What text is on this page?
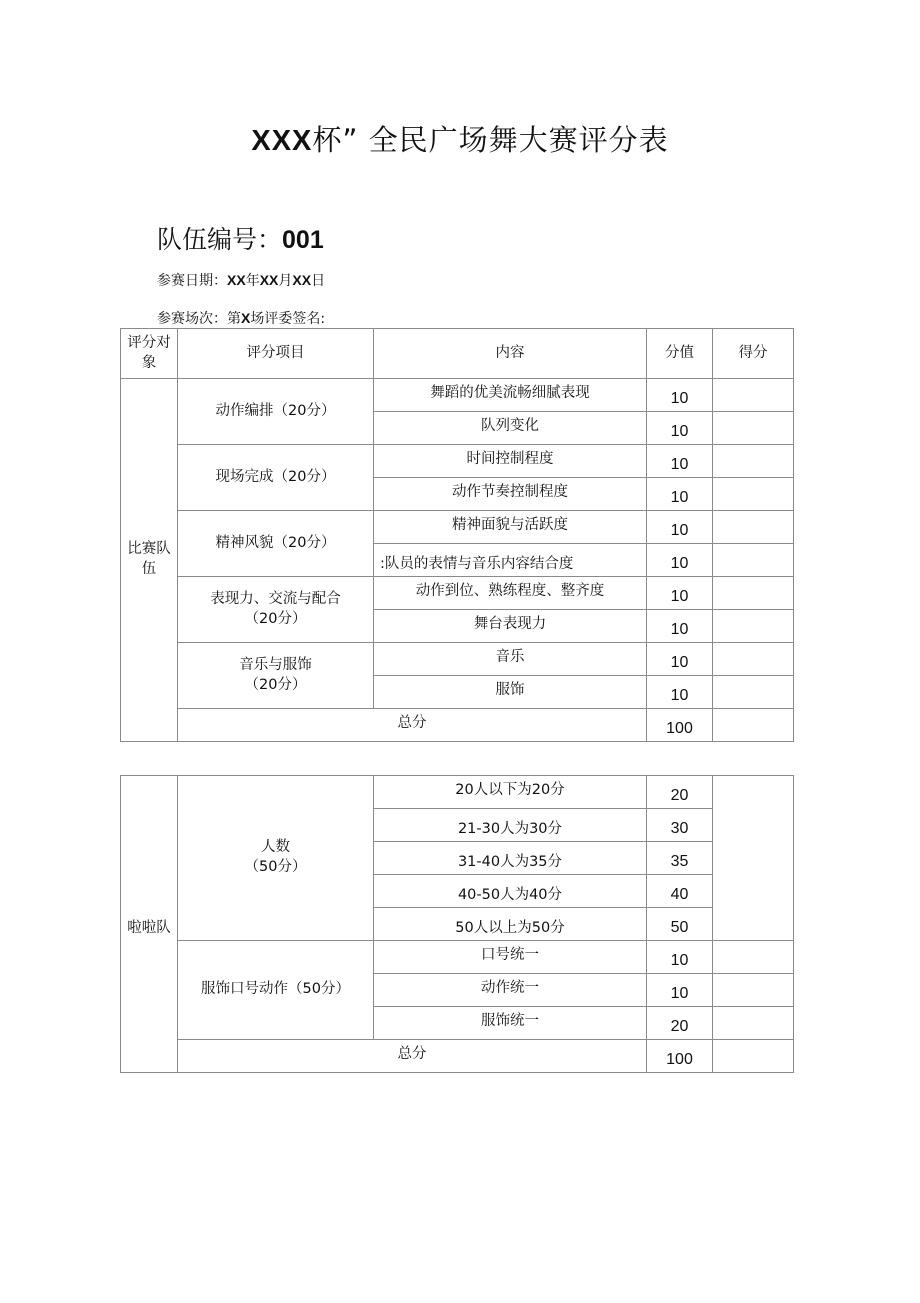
XXX杯” 全民广场舞大赛评分表
队伍编号：001
参赛日期：XX年XX月XX日
参赛场次：第X场评委签名:
评分对
象	评分项目	内容	分值	得分
比赛队
伍	动作编排（20分）	舞蹈的优美流畅细腻表现	10	
		队列变化	10	
	现场完成（20分）	时间控制程度	10	
		动作节奏控制程度	10	
	精神风貌（20分）	精神面貌与活跃度	10	
		:队员的表情与音乐内容结合度	10	
	表现力、交流与配合
（20分）	动作到位、熟练程度、整齐度	10	
		舞台表现力	10	
	音乐与服饰
（20分）	音乐	10	
		服饰	10	
	总分		100	
啦啦队	人数
（50分）	20人以下为20分	20	
		21-30人为30分	30	
		31-40人为35分	35	
		40-50人为40分	40	
		50人以上为50分	50	
	服饰口号动作（50分）	口号统一	10	
		动作统一	10	
		服饰统一	20	
	总分		100	
